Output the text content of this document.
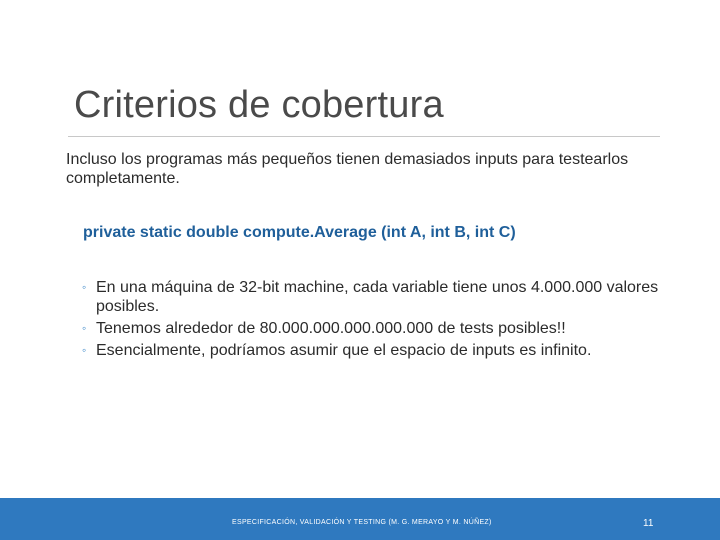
Criterios de cobertura

Incluso los programas más pequeños tienen demasiados inputs para testearlos completamente.

private static double compute.Average (int A, int B, int C)

◦ En una máquina de 32-bit machine, cada variable tiene unos 4.000.000 valores posibles.
◦ Tenemos alrededor de 80.000.000.000.000.000 de tests posibles!!
◦ Esencialmente, podríamos asumir que el espacio de inputs es infinito.
ESPECIFICACIÓN, VALIDACIÓN Y TESTING (M. G. MERAYO Y M. NÚÑEZ)	11
